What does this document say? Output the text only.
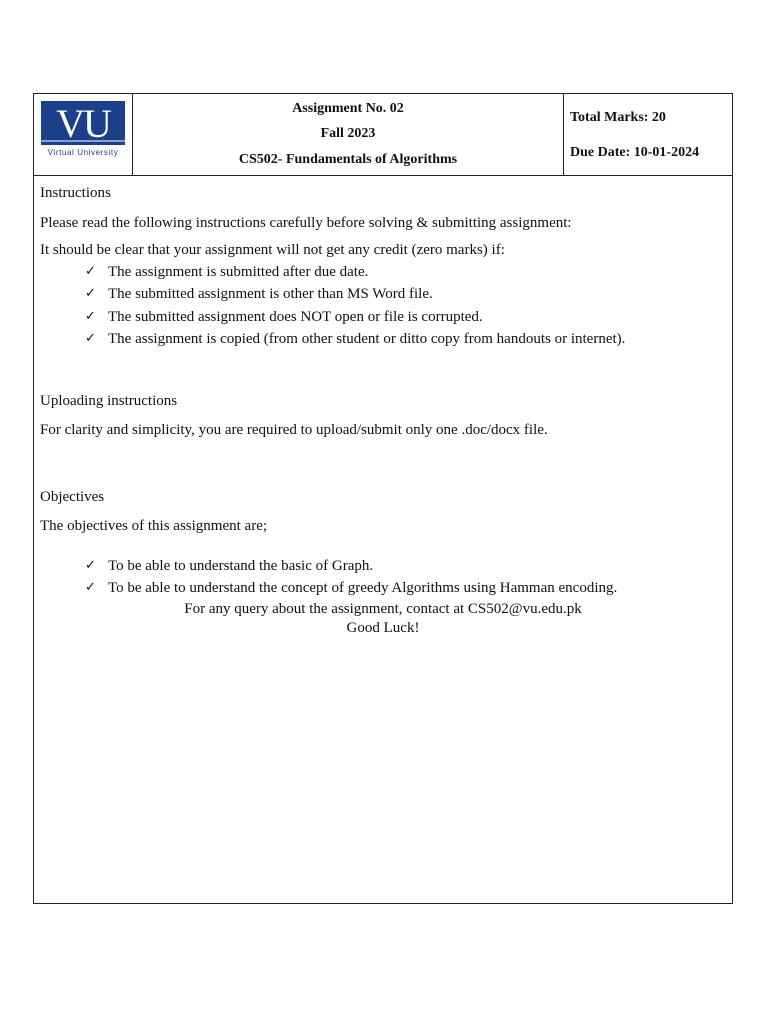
VU
Virtual University
Assignment No. 02
Fall 2023
CS502- Fundamentals of Algorithms
Total Marks: 20
Due Date: 10-01-2024

Instructions

Please read the following instructions carefully before solving & submitting assignment:

It should be clear that your assignment will not get any credit (zero marks) if:

✓ The assignment is submitted after due date.
✓ The submitted assignment is other than MS Word file.
✓ The submitted assignment does NOT open or file is corrupted.
✓ The assignment is copied (from other student or ditto copy from handouts or internet).

Uploading instructions

For clarity and simplicity, you are required to upload/submit only one .doc/docx file.

Objectives

The objectives of this assignment are;

✓ To be able to understand the basic of Graph.
✓ To be able to understand the concept of greedy Algorithms using Hamman encoding.

For any query about the assignment, contact at CS502@vu.edu.pk

Good Luck!
